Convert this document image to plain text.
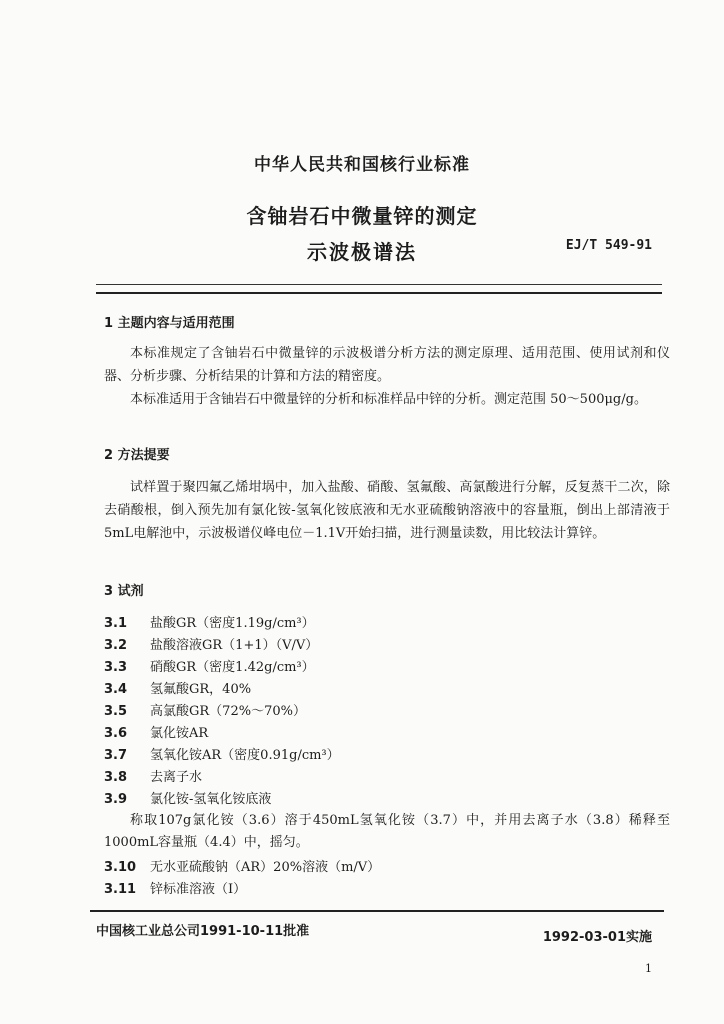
中华人民共和国核行业标准
含铀岩石中微量锌的测定
示波极谱法	EJ/T 549-91
1 主题内容与适用范围

本标准规定了含铀岩石中微量锌的示波极谱分析方法的测定原理、适用范围、使用试剂和仪器、分析步骤、分析结果的计算和方法的精密度。

本标准适用于含铀岩石中微量锌的分析和标准样品中锌的分析。测定范围 50～500μg/g。

2 方法提要

试样置于聚四氟乙烯坩埚中，加入盐酸、硝酸、氢氟酸、高氯酸进行分解，反复蒸干二次，除去硝酸根，倒入预先加有氯化铵-氢氧化铵底液和无水亚硫酸钠溶液中的容量瓶，倒出上部清液于5mL电解池中，示波极谱仪峰电位－1.1V开始扫描，进行测量读数，用比较法计算锌。

3 试剂
3.1 盐酸GR（密度1.19g/cm³）
3.2 盐酸溶液GR（1+1）（V/V）
3.3 硝酸GR（密度1.42g/cm³）
3.4 氢氟酸GR，40%
3.5 高氯酸GR（72%～70%）
3.6 氯化铵AR
3.7 氢氧化铵AR（密度0.91g/cm³）
3.8 去离子水
3.9 氯化铵-氢氧化铵底液

称取107g氯化铵（3.6）溶于450mL氢氧化铵（3.7）中，并用去离子水（3.8）稀释至1000mL容量瓶（4.4）中，摇匀。

3.10 无水亚硫酸钠（AR）20%溶液（m/V）
3.11 锌标准溶液（Ⅰ）
中国核工业总公司1991-10-11批准	1992-03-01实施
1
